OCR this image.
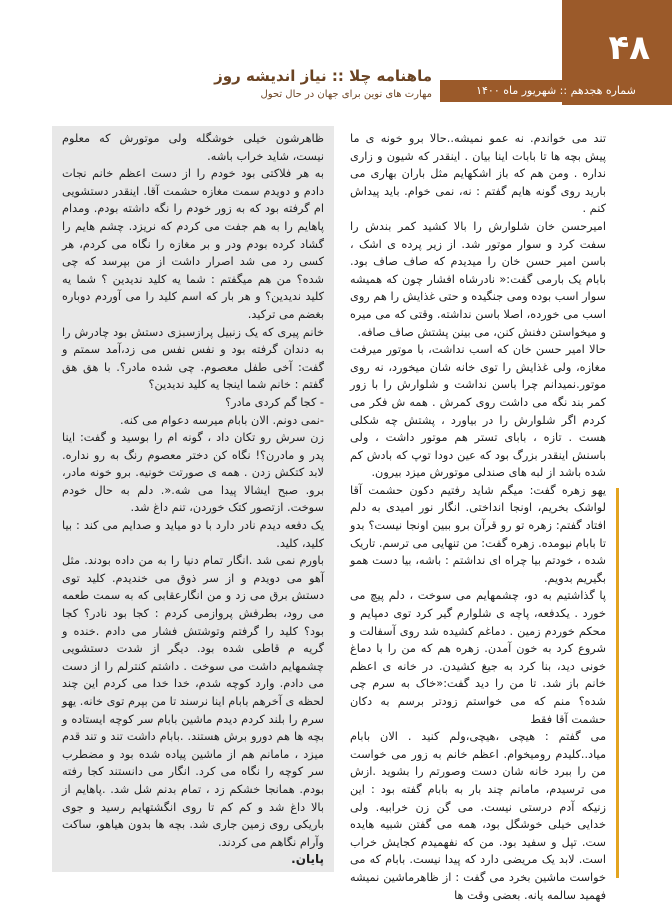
۴۸
شماره هجدهم :: شهریور ماه ۱۴۰۰
ماهنامه چلا :: نیاز اندیشه روز
مهارت های نوین برای جهان در حال تحول

تند می خواندم. نه عمو نمیشه..حالا برو خونه ی ما پیش بچه ها تا بابات اینا بیان . اینقدر که شیون و زاری نداره . ومن هم که باز اشکهایم مثل باران بهاری می بارید روی گونه هایم گفتم : نه، نمی خوام. باید پیداش کنم .

امیرحسن خان شلوارش را بالا کشید کمر بندش را سفت کرد و سوار موتور شد. از زیر پرده ی اشک ، باسن امیر حسن خان را میدیدم که صاف صاف بود. بابام یک بارمی گفت:« نادرشاه افشار چون که همیشه سوار اسب بوده ومی جنگیده و حتی غذایش را هم روی اسب می خورده، اصلا باسن نداشته. وقتی که می میره و میخواستن دفنش کنن، می بینن پشتش صاف صافه.

حالا امیر حسن خان که اسب نداشت، با موتور میرفت مغازه، ولی غذایش را توی خانه شان میخورد، نه روی موتور.نمیدانم چرا باسن نداشت و شلوارش را با زور کمر بند نگه می داشت روی کمرش . همه ش فکر می کردم اگر شلوارش را در بیاورد ، پشتش چه شکلی هست . تازه ، بابای تستر هم موتور داشت ، ولی باسنش اینقدر بزرگ بود که عین دودا توپ که بادش کم شده باشد از لبه های صندلی موتورش میزد بیرون.

یهو زهره گفت: میگم شاید رفتیم دکون حشمت آقا لواشک بخریم، اونجا انداختی. انگار نور امیدی به دلم افتاد گفتم: زهره تو رو قرآن برو ببین اونجا نیست؟ بدو تا بابام نیومده. زهره گفت: من تنهایی می ترسم. تاریک شده ، خودتم بیا چراه ای نداشتم : باشه، بیا دست همو بگیریم بدویم.

پا گذاشتیم به دو، چشمهایم می سوخت ، دلم پیچ می خورد . یکدفعه، پاچه ی شلوارم گیر کرد توی دمپایم و محکم خوردم زمین . دماغم کشیده شد روی آسفالت و شروع کرد به خون آمدن. زهره هم که من را با دماغ خونی دید، بنا کرد به جیغ کشیدن. در خانه ی اعظم خانم باز شد. تا من را دید گفت:«خاک به سرم چی شده؟ منم که می خواستم زودتر برسم به دکان حشمت آقا فقط

می گفتم : هیچی ،هیچی،ولم کنید . الان بابام میاد..کلیدم رومیخوام. اعظم خانم به زور می خواست من را ببرد خانه شان دست وصورتم را بشوید .ازش می ترسیدم، مامانم چند بار به بابام گفته بود : این زنیکه آدم درستی نیست. می گن زن خرابیه. ولی خدایی خیلی خوشگل بود، همه می گفتن شبیه هایده ست. تپل و سفید بود. من که نفهمیدم کجایش خراب است. لابد یک مریضی دارد که پیدا نیست. بابام که می خواست ماشین بخرد می گفت : از ظاهرماشین نمیشه فهمید سالمه یانه. بعضی وقت ها

ظاهرشون خیلی خوشگله ولی موتورش که معلوم نیست، شاید خراب باشه.

به هر فلاکتی بود خودم را از دست اعظم خانم نجات دادم و دویدم سمت مغازه حشمت آقا. اینقدر دستشویی ام گرفته بود که به زور خودم را نگه داشته بودم. ومدام پاهایم را به هم جفت می کردم که نریزد. چشم هایم را گشاد کرده بودم ودر و بر مغازه را نگاه می کردم، هر کسی رد می شد اصرار داشت از من بپرسد که چی شده؟ من هم میگفتم : شما یه کلید ندیدین ؟ شما یه کلید ندیدین؟ و هر بار که اسم کلید را می آوردم دوباره بغضم می ترکید.

خانم پیری که یک زنبیل پرازسبزی دستش بود چادرش را به دندان گرفته بود و نفس نفس می زد،آمد سمتم و گفت: آخی طفل معصوم. چی شده مادر؟. با هق هق گفتم : خانم شما اینجا یه کلید ندیدین؟

- کجا گم کردی مادر؟

-نمی دونم. الان بابام میرسه دعوام می کنه.

زن سرش رو تکان داد ، گونه ام را بوسید و گفت: اینا پدر و مادرن؟! نگاه کن دختر معصوم رنگ به رو نداره. لابد کتکش زدن . همه ی صورتت خونیه. برو خونه مادر، برو. صبح ایشالا پیدا می شه.«. دلم به حال خودم سوخت. ازتصور کتک خوردن، تنم داغ شد.

یک دفعه دیدم نادر دارد با دو میاید و صدایم می کند : بیا کلید، کلید.

باورم نمی شد .انگار تمام دنیا را به من داده بودند. مثل آهو می دویدم و از سر ذوق می خندیدم. کلید توی دستش برق می زد و من انگارعقابی که به سمت طعمه می رود، بطرفش پروازمی کردم : کجا بود نادر؟ کجا بود؟ کلید را گرفتم وتوشتش فشار می دادم .خنده و گریه م قاطی شده بود. دیگر از شدت دستشویی چشمهایم داشت می سوخت . داشتم کنترلم را از دست می دادم. وارد کوچه شدم، خدا خدا می کردم این چند لحظه ی آخرهم بابام اینا نرسند تا من بپرم توی خانه. یهو سرم را بلند کردم دیدم ماشین بابام سر کوچه ایستاده و بچه ها هم دورو برش هستند. .بابام داشت تند و تند قدم میزد ، مامانم هم از ماشین پیاده شده بود و مضطرب سر کوچه را نگاه می کرد. انگار می دانستند کجا رفته بودم. همانجا خشکم زد ، تمام بدنم شل شد. .پاهایم از بالا داغ شد و کم کم تا روی انگشتهایم رسید و جوی باریکی روی زمین جاری شد. بچه ها بدون هیاهو، ساکت وآرام نگاهم می کردند.

پایان.
